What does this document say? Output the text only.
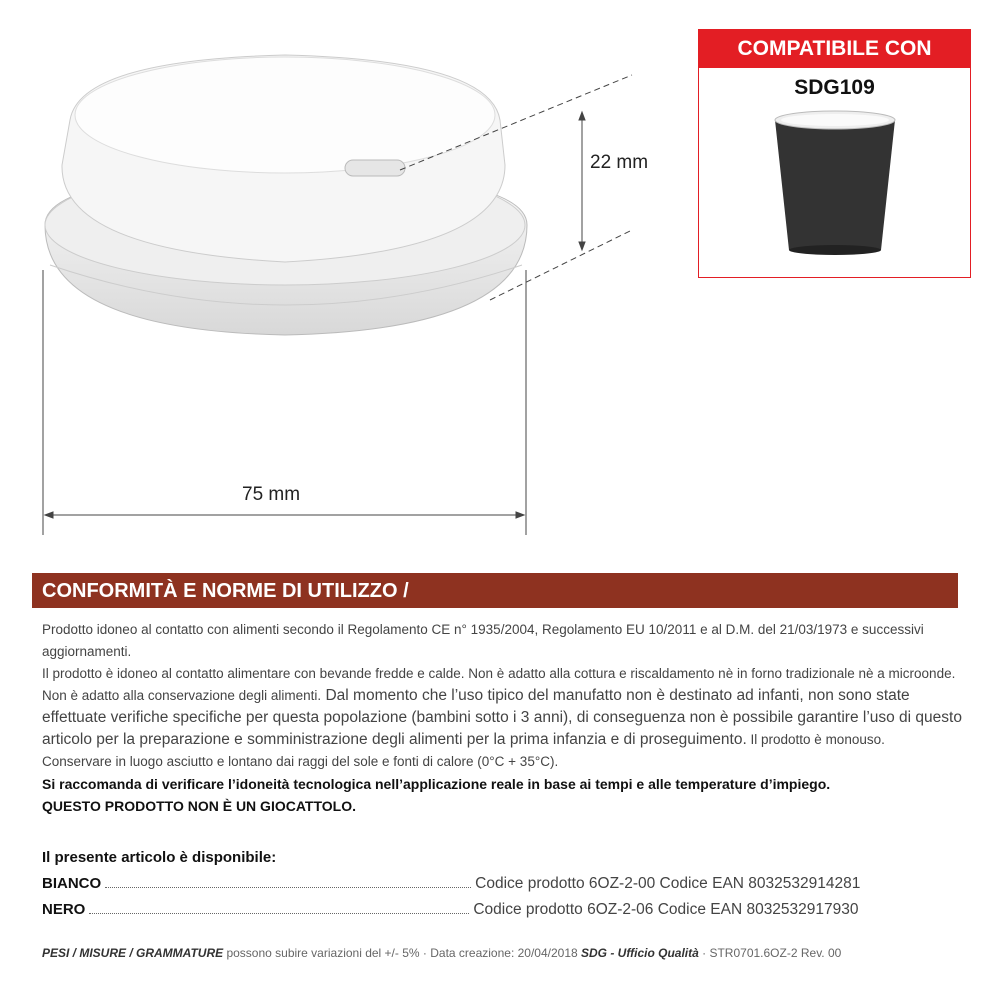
22 mm
75 mm
COMPATIBILE CON
SDG109
CONFORMITÀ E NORME DI UTILIZZO /

Prodotto idoneo al contatto con alimenti secondo il Regolamento CE n° 1935/2004, Regolamento EU 10/2011 e al D.M. del 21/03/1973 e successivi aggiornamenti.

Il prodotto è idoneo al contatto alimentare con bevande fredde e calde. Non è adatto alla cottura e riscaldamento nè in forno tradizionale nè a microonde. Non è adatto alla conservazione degli alimenti. Dal momento che l’uso tipico del manufatto non è destinato ad infanti, non sono state effettuate verifiche specifiche per questa popolazione (bambini sotto i 3 anni), di conseguenza non è possibile garantire l’uso di questo articolo per la preparazione e somministrazione degli alimenti per la prima infanzia e di proseguimento. Il prodotto è monouso.

Conservare in luogo asciutto e lontano dai raggi del sole e fonti di calore (0°C + 35°C).

Si raccomanda di verificare l’idoneità tecnologica nell’applicazione reale in base ai tempi e alle temperature d’impiego.

QUESTO PRODOTTO NON È UN GIOCATTOLO.

Il presente articolo è disponibile:
BIANCO	Codice prodotto 6OZ-2-00 Codice EAN 8032532914281
NERO	Codice prodotto 6OZ-2-06 Codice EAN 8032532917930
PESI / MISURE / GRAMMATURE possono subire variazioni del +/- 5% · Data creazione: 20/04/2018 SDG - Ufficio Qualità · STR0701.6OZ-2 Rev. 00
